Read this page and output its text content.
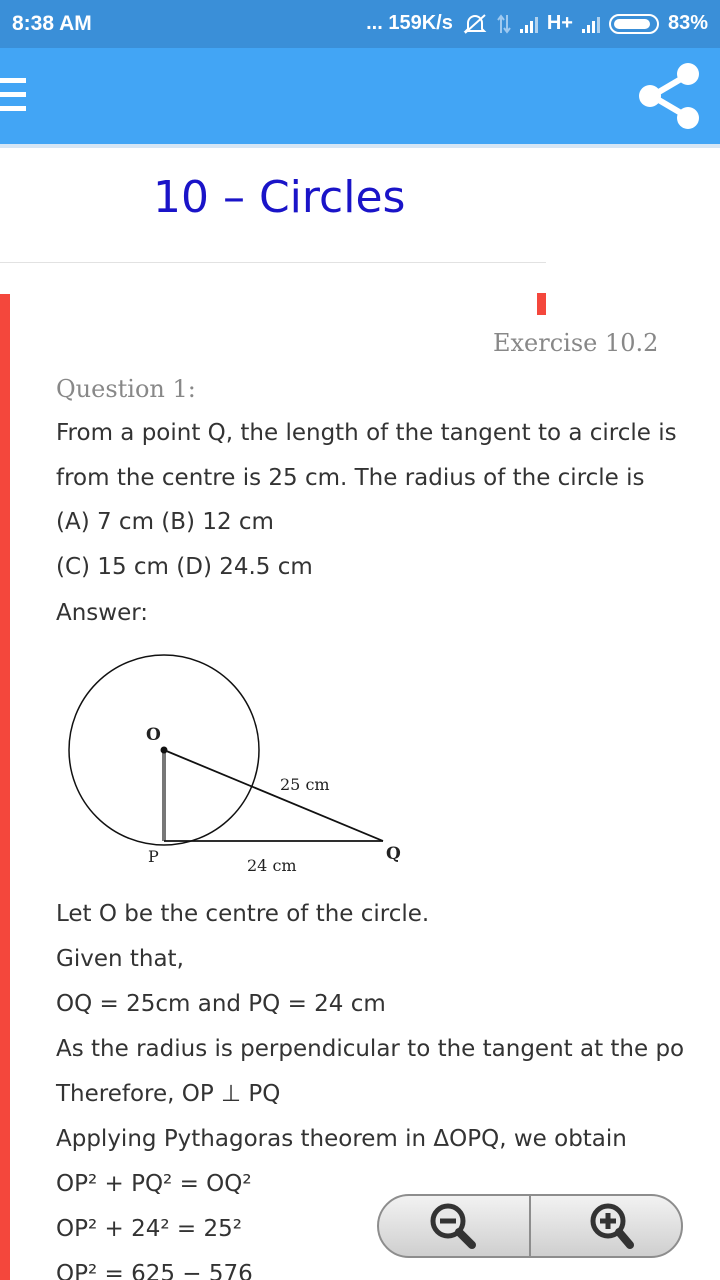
8:38 AM	... 159K/s	H+	83%
10 – Circles
Exercise 10.2
Question 1:
From a point Q, the length of the tangent to a circle is
from the centre is 25 cm. The radius of the circle is
(A) 7 cm (B) 12 cm
(C) 15 cm (D) 24.5 cm
Answer:
O
P	Q
25 cm
24 cm
Let O be the centre of the circle.
Given that,
OQ = 25cm and PQ = 24 cm
As the radius is perpendicular to the tangent at the po
Therefore, OP ⊥ PQ
Applying Pythagoras theorem in ΔOPQ, we obtain
OP² + PQ² = OQ²
OP² + 24² = 25²
OP² = 625 − 576
